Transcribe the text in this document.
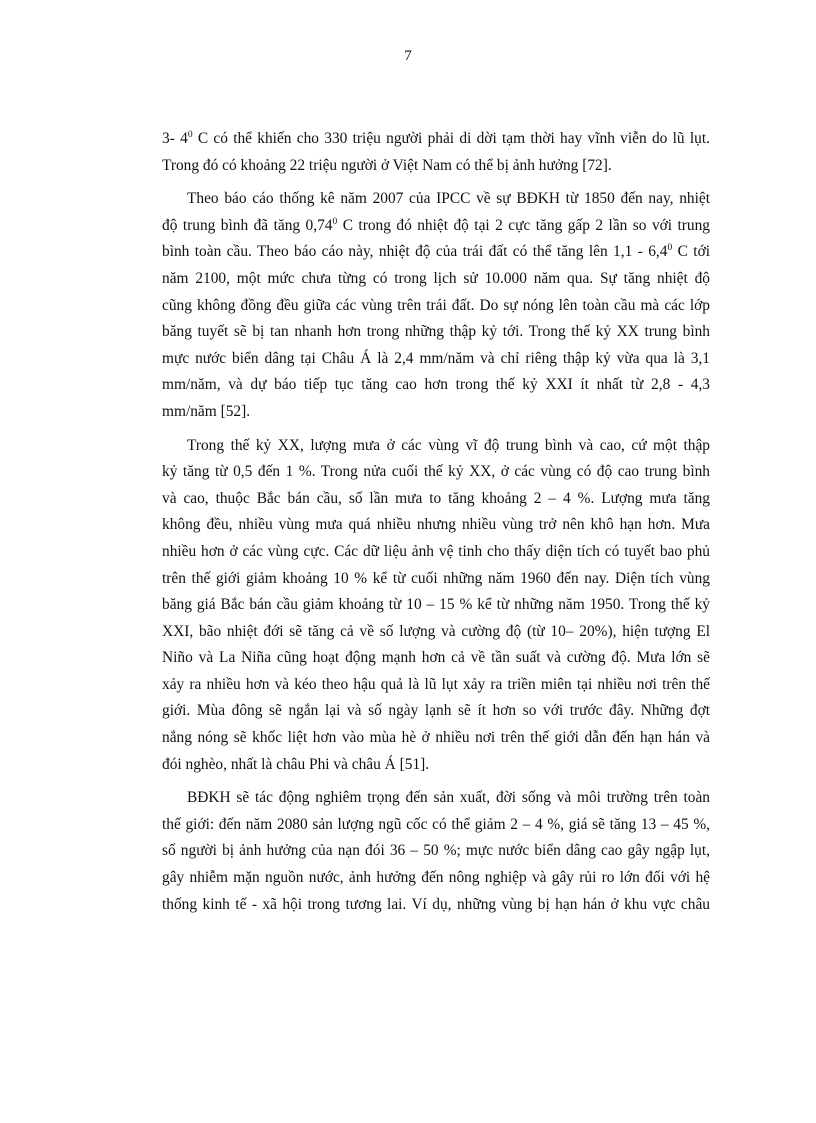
7
3- $4^0$ C có thể khiến cho 330 triệu người phải di dời tạm thời hay vĩnh viễn do lũ lụt.
Trong đó có khoảng 22 triệu người ở Việt Nam có thể bị ảnh hưởng [72].
Theo báo cáo thống kê năm 2007 của IPCC về sự BĐKH từ 1850 đến nay, nhiệt
độ trung bình đã tăng 0,74$^0$ C trong đó nhiệt độ tại 2 cực tăng gấp 2 lần so với trung
bình toàn cầu. Theo báo cáo này, nhiệt độ của trái đất có thể tăng lên $1,1 - 6,4^0$ C tới
năm 2100, một mức chưa từng có trong lịch sử 10.000 năm qua. Sự tăng nhiệt độ
cũng không đồng đều giữa các vùng trên trái đất. Do sự nóng lên toàn cầu mà các lớp
băng tuyết sẽ bị tan nhanh hơn trong những thập kỷ tới. Trong thế kỷ XX trung bình
mực nước biển dâng tại Châu Á là 2,4 mm/năm và chỉ riêng thập kỷ vừa qua là 3,1
mm/năm, và dự báo tiếp tục tăng cao hơn trong thế kỷ XXI ít nhất từ 2,8 - 4,3
mm/năm [52].
Trong thế kỷ XX, lượng mưa ở các vùng vĩ độ trung bình và cao, cứ một thập
kỷ tăng từ 0,5 đến 1 %. Trong nửa cuối thế kỷ XX, ở các vùng có độ cao trung bình
và cao, thuộc Bắc bán cầu, số lần mưa to tăng khoảng 2 – 4 %. Lượng mưa tăng
không đều, nhiều vùng mưa quá nhiều nhưng nhiều vùng trở nên khô hạn hơn. Mưa
nhiều hơn ở các vùng cực. Các dữ liệu ảnh vệ tinh cho thấy diện tích có tuyết bao phủ
trên thế giới giảm khoảng 10 % kể từ cuối những năm 1960 đến nay. Diện tích vùng
băng giá Bắc bán cầu giảm khoảng từ 10 – 15 % kể từ những năm 1950. Trong thế kỷ
XXI, bão nhiệt đới sẽ tăng cả về số lượng và cường độ (từ 10– 20%), hiện tượng El
Niño và La Niña cũng hoạt động mạnh hơn cả về tần suất và cường độ. Mưa lớn sẽ
xảy ra nhiều hơn và kéo theo hậu quả là lũ lụt xảy ra triền miên tại nhiều nơi trên thế
giới. Mùa đông sẽ ngắn lại và số ngày lạnh sẽ ít hơn so với trước đây. Những đợt
nắng nóng sẽ khốc liệt hơn vào mùa hè ở nhiều nơi trên thế giới dẫn đến hạn hán và
đói nghèo, nhất là châu Phi và châu Á [51].
BĐKH sẽ tác động nghiêm trọng đến sản xuất, đời sống và môi trường trên toàn
thế giới: đến năm 2080 sản lượng ngũ cốc có thể giảm 2 – 4 %, giá sẽ tăng 13 – 45 %,
số người bị ảnh hưởng của nạn đói 36 – 50 %; mực nước biển dâng cao gây ngập lụt,
gây nhiễm mặn nguồn nước, ảnh hưởng đến nông nghiệp và gây rủi ro lớn đối với hệ
thống kinh tế - xã hội trong tương lai. Ví dụ, những vùng bị hạn hán ở khu vực châu
